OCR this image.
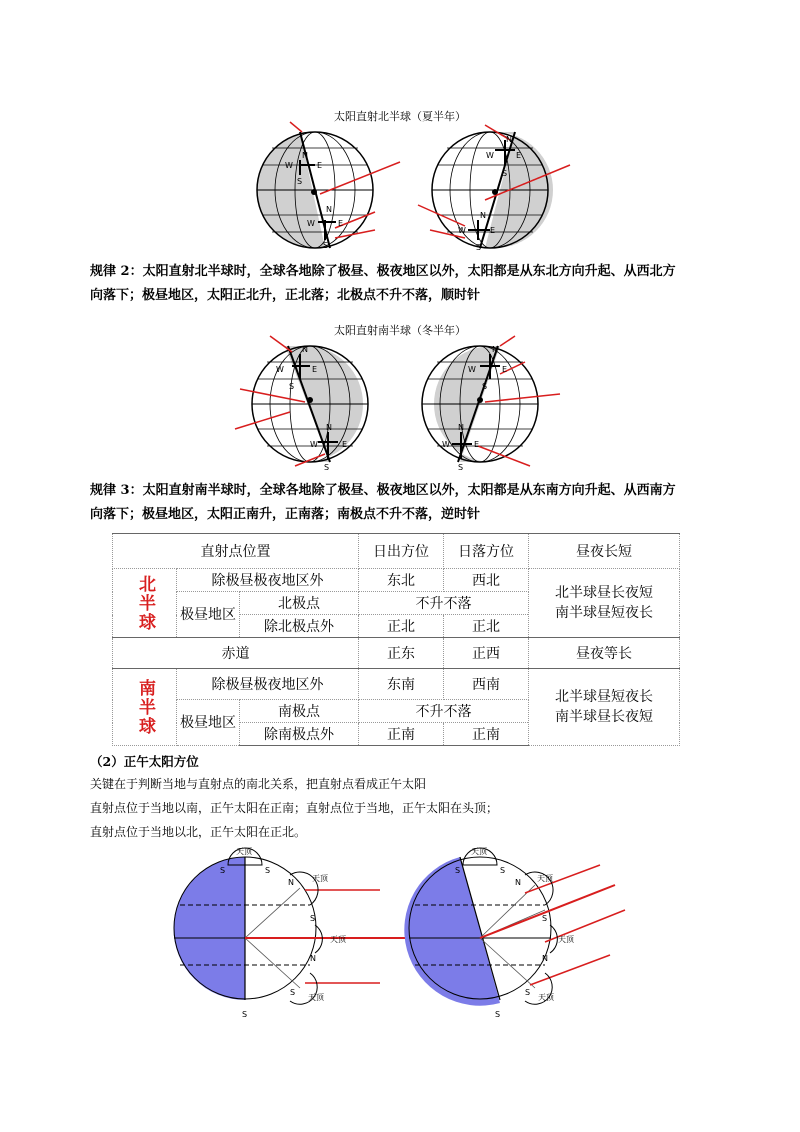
太阳直射北半球（夏半年）
N
W	E
S
N
W	E
S
N
W	E
S
N
W	E
S
规律 2：太阳直射北半球时，全球各地除了极昼、极夜地区以外，太阳都是从东北方向升起、从西北方
向落下；极昼地区，太阳正北升，正北落；北极点不升不落，顺时针
太阳直射南半球（冬半年）
N
W	E
S
N
W	E
S
N
W	E
S
N
W	E
S
规律 3：太阳直射南半球时，全球各地除了极昼、极夜地区以外，太阳都是从东南方向升起、从西南方
向落下；极昼地区，太阳正南升，正南落；南极点不升不落，逆时针
直射点位置			日出方位	日落方位	昼夜长短
北半球	除极昼极夜地区外		东北	西北	北半球昼长夜短
南半球昼短夜长

	极昼地区	北极点	不升不落		
		除北极点外	正北	正北	
赤道			正东	正西	昼夜等长
南半球	除极昼极夜地区外		东南	西南	北半球昼短夜长
南半球昼长夜短

	极昼地区	南极点	不升不落		
		除南极点外	正南	正南	
（2）正午太阳方位
关键在于判断当地与直射点的南北关系，把直射点看成正午太阳
直射点位于当地以南，正午太阳在正南；直射点位于当地，正午太阳在头顶；
直射点位于当地以北，正午太阳在正北。
天顶
天顶
天顶
天顶
S	S
S
N
S
N
S
天顶
天顶
天顶
天顶
S	S
S
N
S
N
S
